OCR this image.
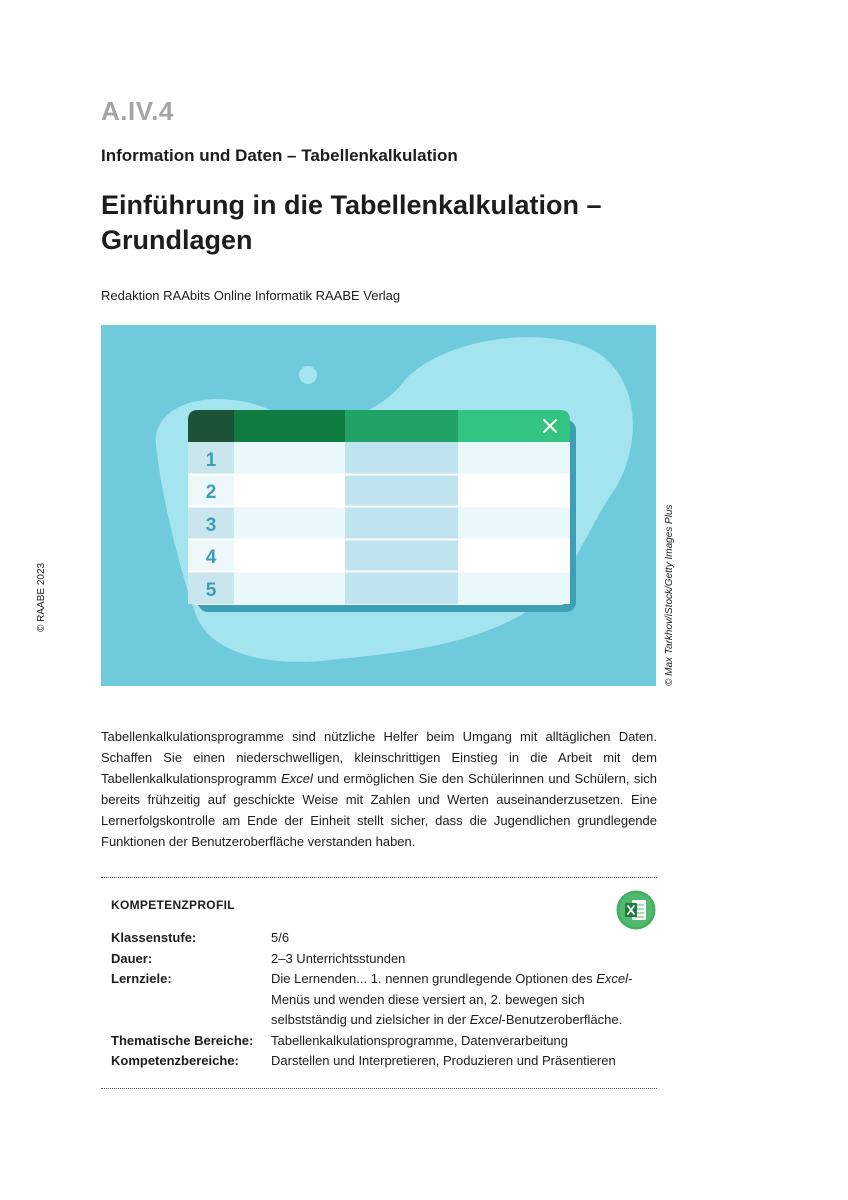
A.IV.4
Information und Daten – Tabellenkalkulation
Einführung in die Tabellenkalkulation –
Grundlagen
Redaktion RAAbits Online Informatik RAABE Verlag
© RAABE 2023
1
2
3
4
5	© Max Tarkhov/iStock/Getty Images Plus
Tabellenkalkulationsprogramme sind nützliche Helfer beim Umgang mit alltäglichen Daten. Schaffen Sie einen niederschwelligen, kleinschrittigen Einstieg in die Arbeit mit dem Tabellenkalkulationsprogramm Excel und ermöglichen Sie den Schülerinnen und Schülern, sich bereits frühzeitig auf geschickte Weise mit Zahlen und Werten auseinanderzusetzen. Eine Lernerfolgskontrolle am Ende der Einheit stellt sicher, dass die Jugendlichen grundlegende Funktionen der Benutzeroberfläche verstanden haben.
KOMPETENZPROFIL
Klassenstufe:	5/6
Dauer:	2–3 Unterrichtsstunden
Lernziele:	Die Lernenden... 1. nennen grundlegende Optionen des Excel-Menüs und wenden diese versiert an, 2. bewegen sich selbstständig und zielsicher in der Excel-Benutzeroberfläche.
Thematische Bereiche:	Tabellenkalkulationsprogramme, Datenverarbeitung
Kompetenzbereiche:	Darstellen und Interpretieren, Produzieren und Präsentieren
